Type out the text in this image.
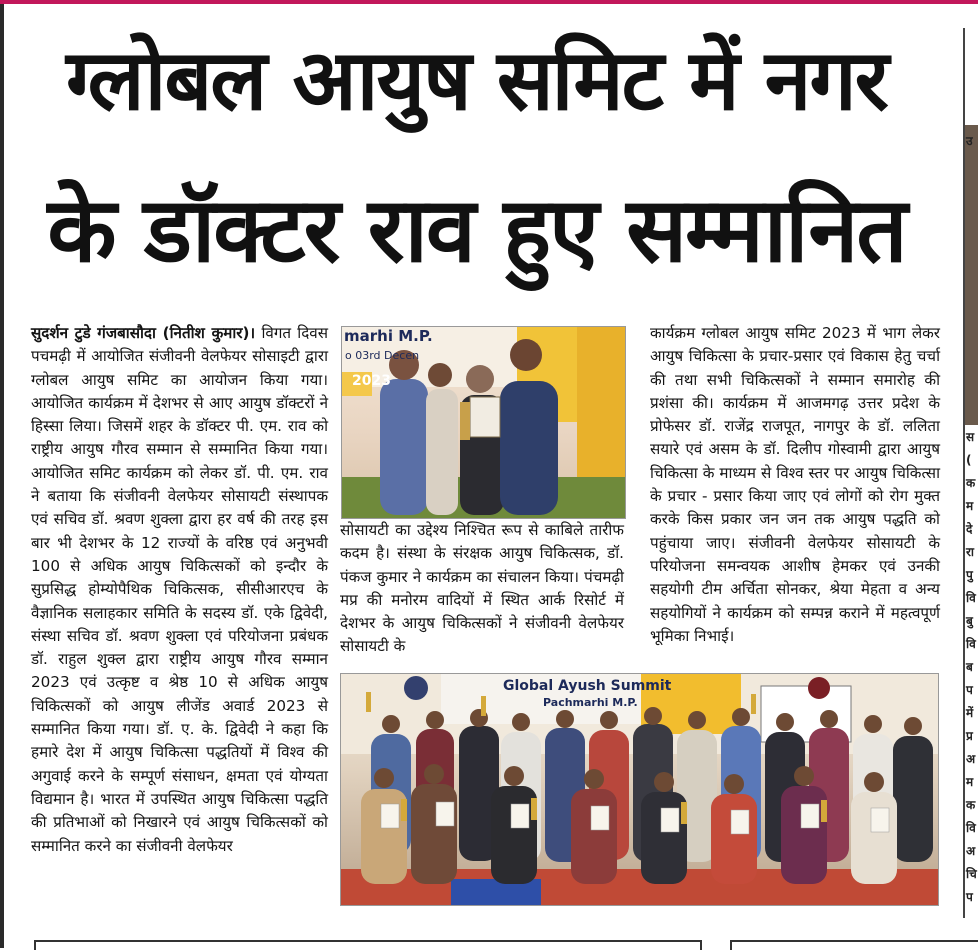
ग्लोबल आयुष समिट में नगर
के डॉक्टर राव हुए सम्मानित
सुदर्शन टुडे गंजबासौदा (नितीश कुमार)। विगत दिवस पचमढ़ी में आयोजित संजीवनी वेलफेयर सोसाइटी द्वारा ग्लोबल आयुष समिट का आयोजन किया गया। आयोजित कार्यक्रम में देशभर से आए आयुष डॉक्टरों ने हिस्सा लिया। जिसमें शहर के डॉक्टर पी. एम. राव को राष्ट्रीय आयुष गौरव सम्मान से सम्मानित किया गया। आयोजित समिट कार्यक्रम को लेकर डॉ. पी. एम. राव ने बताया कि संजीवनी वेलफेयर सोसायटी संस्थापक एवं सचिव डॉ. श्रवण शुक्ला द्वारा हर वर्ष की तरह इस बार भी देशभर के 12 राज्यों के वरिष्ठ एवं अनुभवी 100 से अधिक आयुष चिकित्सकों को इन्दौर के सुप्रसिद्ध होम्योपैथिक चिकित्सक, सीसीआरएच के वैज्ञानिक सलाहकार समिति के सदस्य डॉ. एके द्विवेदी, संस्था सचिव डॉ. श्रवण शुक्ला एवं परियोजना प्रबंधक डॉ. राहुल शुक्ल द्वारा राष्ट्रीय आयुष गौरव सम्मान 2023 एवं उत्कृष्ट व श्रेष्ठ 10 से अधिक आयुष चिकित्सकों को आयुष लीजेंड अवार्ड 2023 से सम्मानित किया गया। डॉ. ए. के. द्विवेदी ने कहा कि हमारे देश में आयुष चिकित्सा पद्धतियों में विश्व की अगुवाई करने के सम्पूर्ण संसाधन, क्षमता एवं योग्यता विद्यमान है। भारत में उपस्थित आयुष चिकित्सा पद्धति की प्रतिभाओं को निखारने एवं आयुष चिकित्सकों को सम्मानित करने का संजीवनी वेलफेयर
marhi M.P.
o 03rd Decen
2023
सोसायटी का उद्देश्य निश्चित रूप से काबिले तारीफ कदम है। संस्था के संरक्षक आयुष चिकित्सक, डॉ. पंकज कुमार ने कार्यक्रम का संचालन किया। पंचमढ़ी मप्र की मनोरम वादियों में स्थित आर्क रिसोर्ट में देशभर के आयुष चिकित्सकों ने संजीवनी वेलफेयर सोसायटी के
कार्यक्रम ग्लोबल आयुष समिट 2023 में भाग लेकर आयुष चिकित्सा के प्रचार-प्रसार एवं विकास हेतु चर्चा की तथा सभी चिकित्सकों ने सम्मान समारोह की प्रशंसा की। कार्यक्रम में आजमगढ़ उत्तर प्रदेश के प्रोफेसर डॉ. राजेंद्र राजपूत, नागपुर के डॉ. ललिता सयारे एवं असम के डॉ. दिलीप गोस्वामी द्वारा आयुष चिकित्सा के माध्यम से विश्व स्तर पर आयुष चिकित्सा के प्रचार - प्रसार किया जाए एवं लोगों को रोग मुक्त करके किस प्रकार जन जन तक आयुष पद्धति को पहुंचाया जाए। संजीवनी वेलफेयर सोसायटी के परियोजना समन्वयक आशीष हेमकर एवं उनकी सहयोगी टीम अर्चिता सोनकर, श्रेया मेहता व अन्य सहयोगियों ने कार्यक्रम को सम्पन्न कराने में महत्वपूर्ण भूमिका निभाई।
Global Ayush Summit
Pachmarhi M.P.
उ
स
(
क
म
दे
रा
पु
वि
बु
वि
ब
प
में
प्र
अ
म
क
वि
अ
चि
प
